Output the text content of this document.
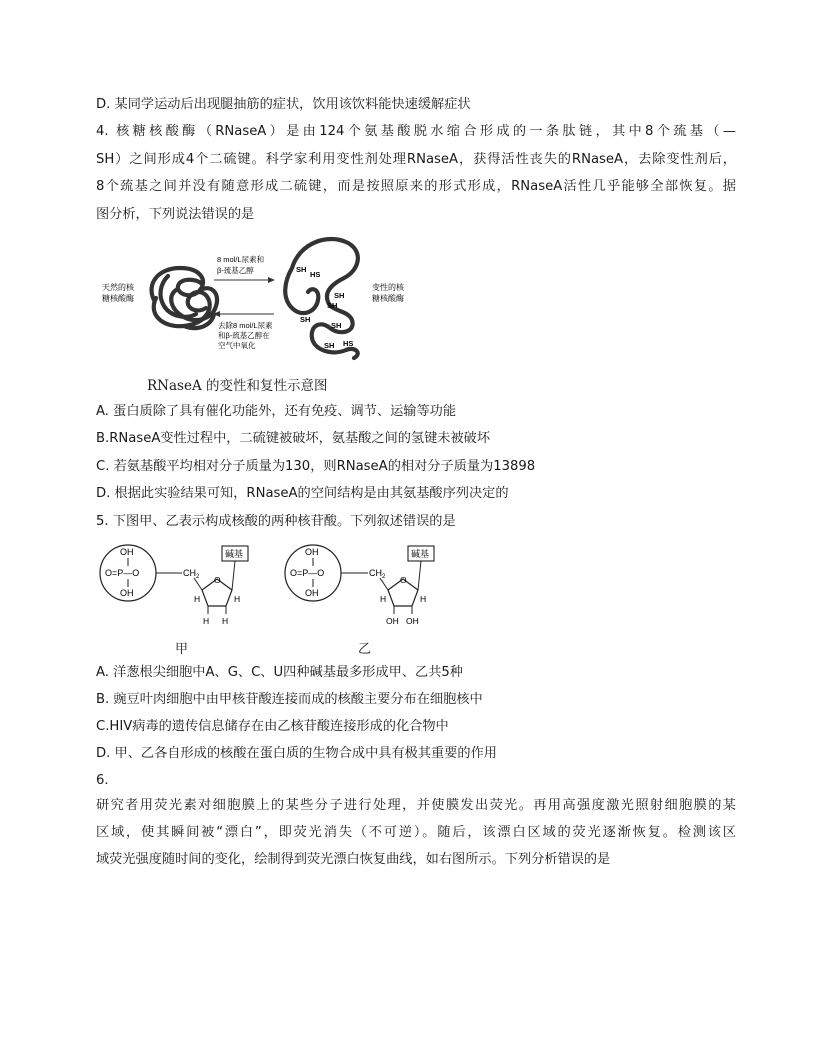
D. 某同学运动后出现腿抽筋的症状，饮用该饮料能快速缓解症状
4. 核糖核酸酶（RNaseA）是由124个氨基酸脱水缩合形成的一条肽链，其中8个巯基（—
SH）之间形成4个二硫键。科学家利用变性剂处理RNaseA，获得活性丧失的RNaseA，去除变性剂后，
8个巯基之间并没有随意形成二硫键，而是按照原来的形式形成，RNaseA活性几乎能够全部恢复。据
图分析，下列说法错误的是
天然的核
糖核酸酶
8 mol/L尿素和
β-巯基乙醇
去除8 mol/L尿素
和β-巯基乙醇在
空气中氧化
SH
HS
SH
SH
SH
SH
SH HS
变性的核
糖核酸酶
RNaseA 的变性和复性示意图
A. 蛋白质除了具有催化功能外，还有免疫、调节、运输等功能
B.RNaseA变性过程中，二硫键被破坏，氨基酸之间的氢键未被破坏
C. 若氨基酸平均相对分子质量为130，则RNaseA的相对分子质量为13898
D. 根据此实验结果可知，RNaseA的空间结构是由其氨基酸序列决定的
5. 下图甲、乙表示构成核酸的两种核苷酸。下列叙述错误的是
OH
O=P—O
OH
$CH_2$ O
H	H
H H
碱基	OH
O=P—O
OH
$CH_2$ O
H	H
OH OH
碱基
甲	乙
A. 洋葱根尖细胞中A、G、C、U四种碱基最多形成甲、乙共5种
B. 豌豆叶肉细胞中由甲核苷酸连接而成的核酸主要分布在细胞核中
C.HIV病毒的遗传信息储存在由乙核苷酸连接形成的化合物中
D. 甲、乙各自形成的核酸在蛋白质的生物合成中具有极其重要的作用
6.
研究者用荧光素对细胞膜上的某些分子进行处理，并使膜发出荧光。再用高强度激光照射细胞膜的某
区域，使其瞬间被“漂白”，即荧光消失（不可逆）。随后，该漂白区域的荧光逐渐恢复。检测该区
域荧光强度随时间的变化，绘制得到荧光漂白恢复曲线，如右图所示。下列分析错误的是
